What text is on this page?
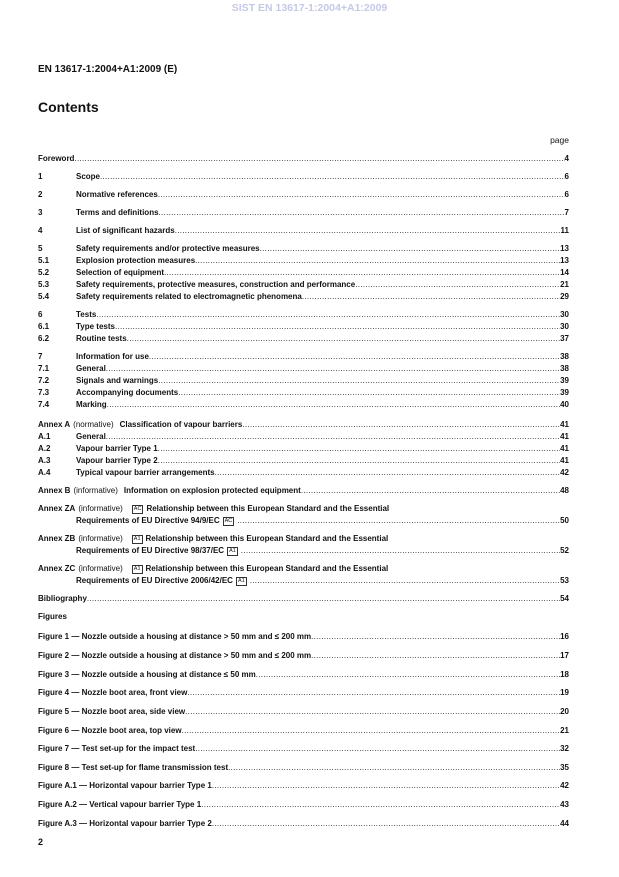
SIST EN 13617-1:2004+A1:2009
EN 13617-1:2004+A1:2009 (E)
Contents
page
Foreword .....	4
1	Scope .....	6
2	Normative references .....	6
3	Terms and definitions .....	7
4	List of significant hazards .....	11
5	Safety requirements and/or protective measures .....	13
5.1	Explosion protection measures .....	13
5.2	Selection of equipment .....	14
5.3	Safety requirements, protective measures, construction and performance .....	21
5.4	Safety requirements related to electromagnetic phenomena .....	29
6	Tests .....	30
6.1	Type tests .....	30
6.2	Routine tests .....	37
7	Information for use .....	38
7.1	General .....	38
7.2	Signals and warnings .....	39
7.3	Accompanying documents .....	39
7.4	Marking .....	40
Annex A (normative) Classification of vapour barriers .....	41
A.1	General .....	41
A.2	Vapour barrier Type 1 .....	41
A.3	Vapour barrier Type 2 .....	41
A.4	Typical vapour barrier arrangements .....	42
Annex B (informative) Information on explosion protected equipment .....	48
Annex ZA (informative)	AC Relationship between this European Standard and the Essential
Requirements of EU Directive 94/9/EC AC .....	50
Annex ZB (informative)	A1 Relationship between this European Standard and the Essential
Requirements of EU Directive 98/37/EC A1 .....	52
Annex ZC (informative)	A1 Relationship between this European Standard and the Essential
Requirements of EU Directive 2006/42/EC A1 .....	53
Bibliography .....	54
Figures
Figure 1 — Nozzle outside a housing at distance > 50 mm and ≤ 200 mm .....	16
Figure 2 — Nozzle outside a housing at distance > 50 mm and ≤ 200 mm .....	17
Figure 3 — Nozzle outside a housing at distance ≤ 50 mm .....	18
Figure 4 — Nozzle boot area, front view .....	19
Figure 5 — Nozzle boot area, side view .....	20
Figure 6 — Nozzle boot area, top view .....	21
Figure 7 — Test set-up for the impact test .....	32
Figure 8 — Test set-up for flame transmission test .....	35
Figure A.1 — Horizontal vapour barrier Type 1 .....	42
Figure A.2 — Vertical vapour barrier Type 1 .....	43
Figure A.3 — Horizontal vapour barrier Type 2 .....	44
2
